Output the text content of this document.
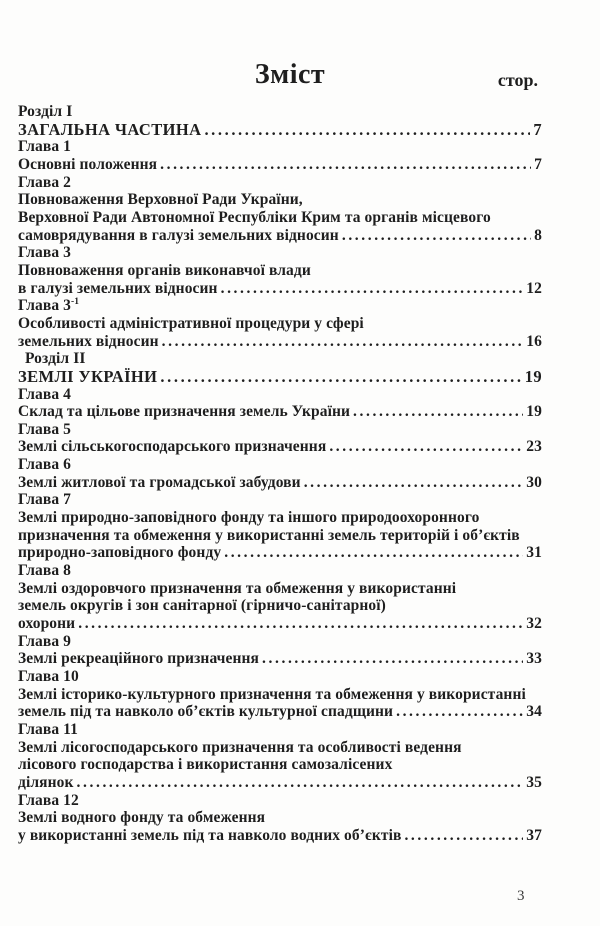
Зміст	стор.
Розділ I
ЗАГАЛЬНА ЧАСТИНА .....	7
Глава 1
Основні положення .....	7
Глава 2
Повноваження Верховної Ради України,
Верховної Ради Автономної Республіки Крим та органів місцевого
самоврядування в галузі земельних відносин .....	8
Глава 3
Повноваження органів виконавчої влади
в галузі земельних відносин .....	12
Глава $3^{-1}$
Особливості адміністративної процедури у сфері
земельних відносин .....	16
Розділ II
ЗЕМЛІ УКРАЇНИ .....	19
Глава 4
Склад та цільове призначення земель України .....	19
Глава 5
Землі сільськогосподарського призначення .....	23
Глава 6
Землі житлової та громадської забудови .....	30
Глава 7
Землі природно-заповідного фонду та іншого природоохоронного
призначення та обмеження у використанні земель територій і об’єктів
природно-заповідного фонду .....	31
Глава 8
Землі оздоровчого призначення та обмеження у використанні
земель округів і зон санітарної (гірничо-санітарної)
охорони .....	32
Глава 9
Землі рекреаційного призначення .....	33
Глава 10
Землі історико-культурного призначення та обмеження у використанні
земель під та навколо об’єктів культурної спадщини .....	34
Глава 11
Землі лісогосподарського призначення та особливості ведення
лісового господарства і використання самозалісених
ділянок .....	35
Глава 12
Землі водного фонду та обмеження
у використанні земель під та навколо водних об’єктів .....	37
3
